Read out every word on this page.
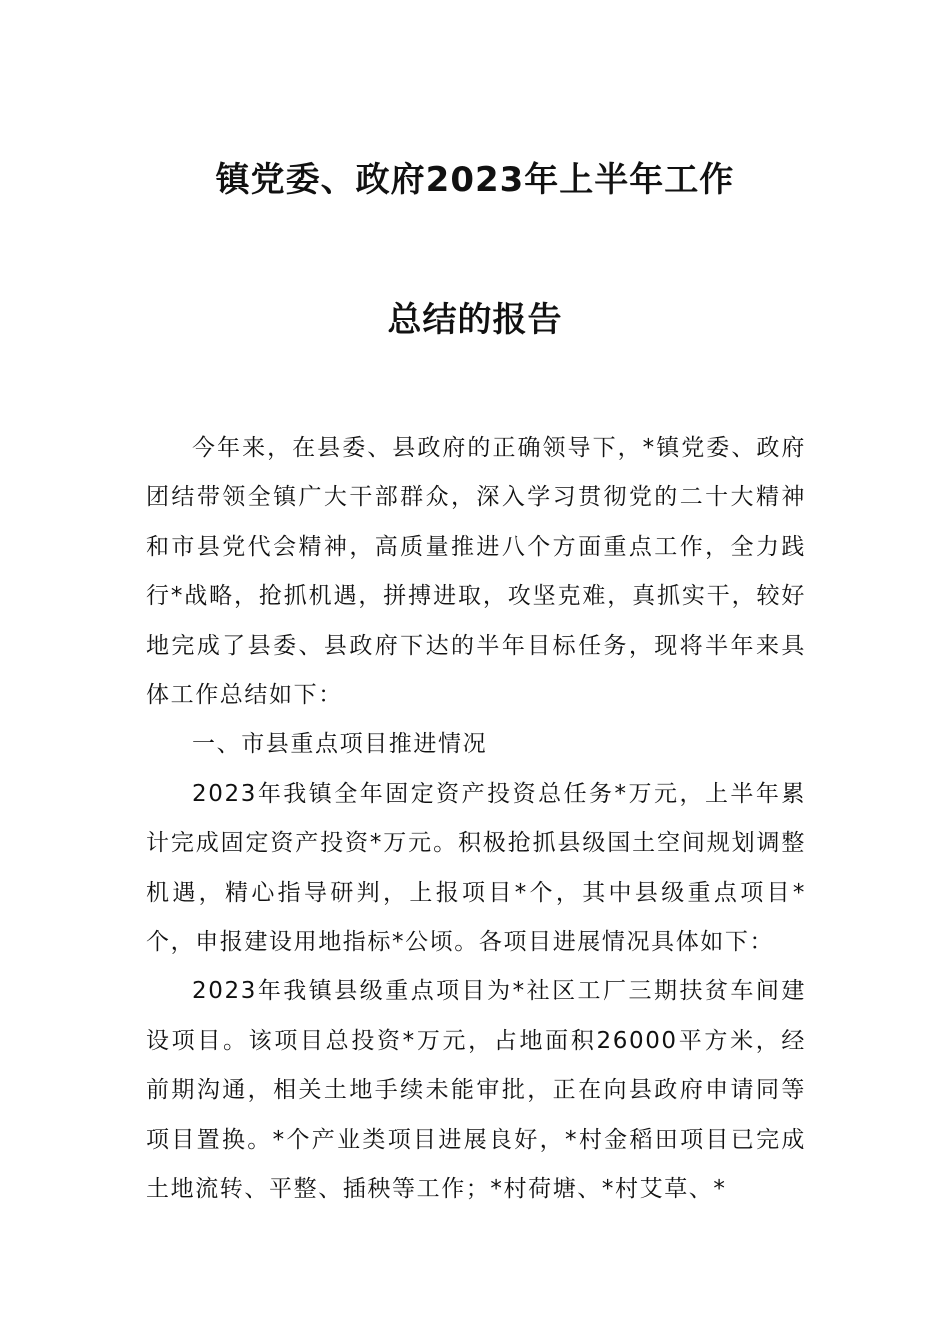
镇党委、政府2023年上半年工作
总结的报告

今年来，在县委、县政府的正确领导下，*镇党委、政府团结带领全镇广大干部群众，深入学习贯彻党的二十大精神和市县党代会精神，高质量推进八个方面重点工作，全力践行*战略，抢抓机遇，拼搏进取，攻坚克难，真抓实干，较好地完成了县委、县政府下达的半年目标任务，现将半年来具体工作总结如下：

一、市县重点项目推进情况

2023年我镇全年固定资产投资总任务*万元，上半年累计完成固定资产投资*万元。积极抢抓县级国土空间规划调整机遇，精心指导研判，上报项目*个，其中县级重点项目*个，申报建设用地指标*公顷。各项目进展情况具体如下：

2023年我镇县级重点项目为*社区工厂三期扶贫车间建设项目。该项目总投资*万元，占地面积26000平方米，经前期沟通，相关土地手续未能审批，正在向县政府申请同等项目置换。*个产业类项目进展良好，*村金稻田项目已完成土地流转、平整、插秧等工作；*村荷塘、*村艾草、*
